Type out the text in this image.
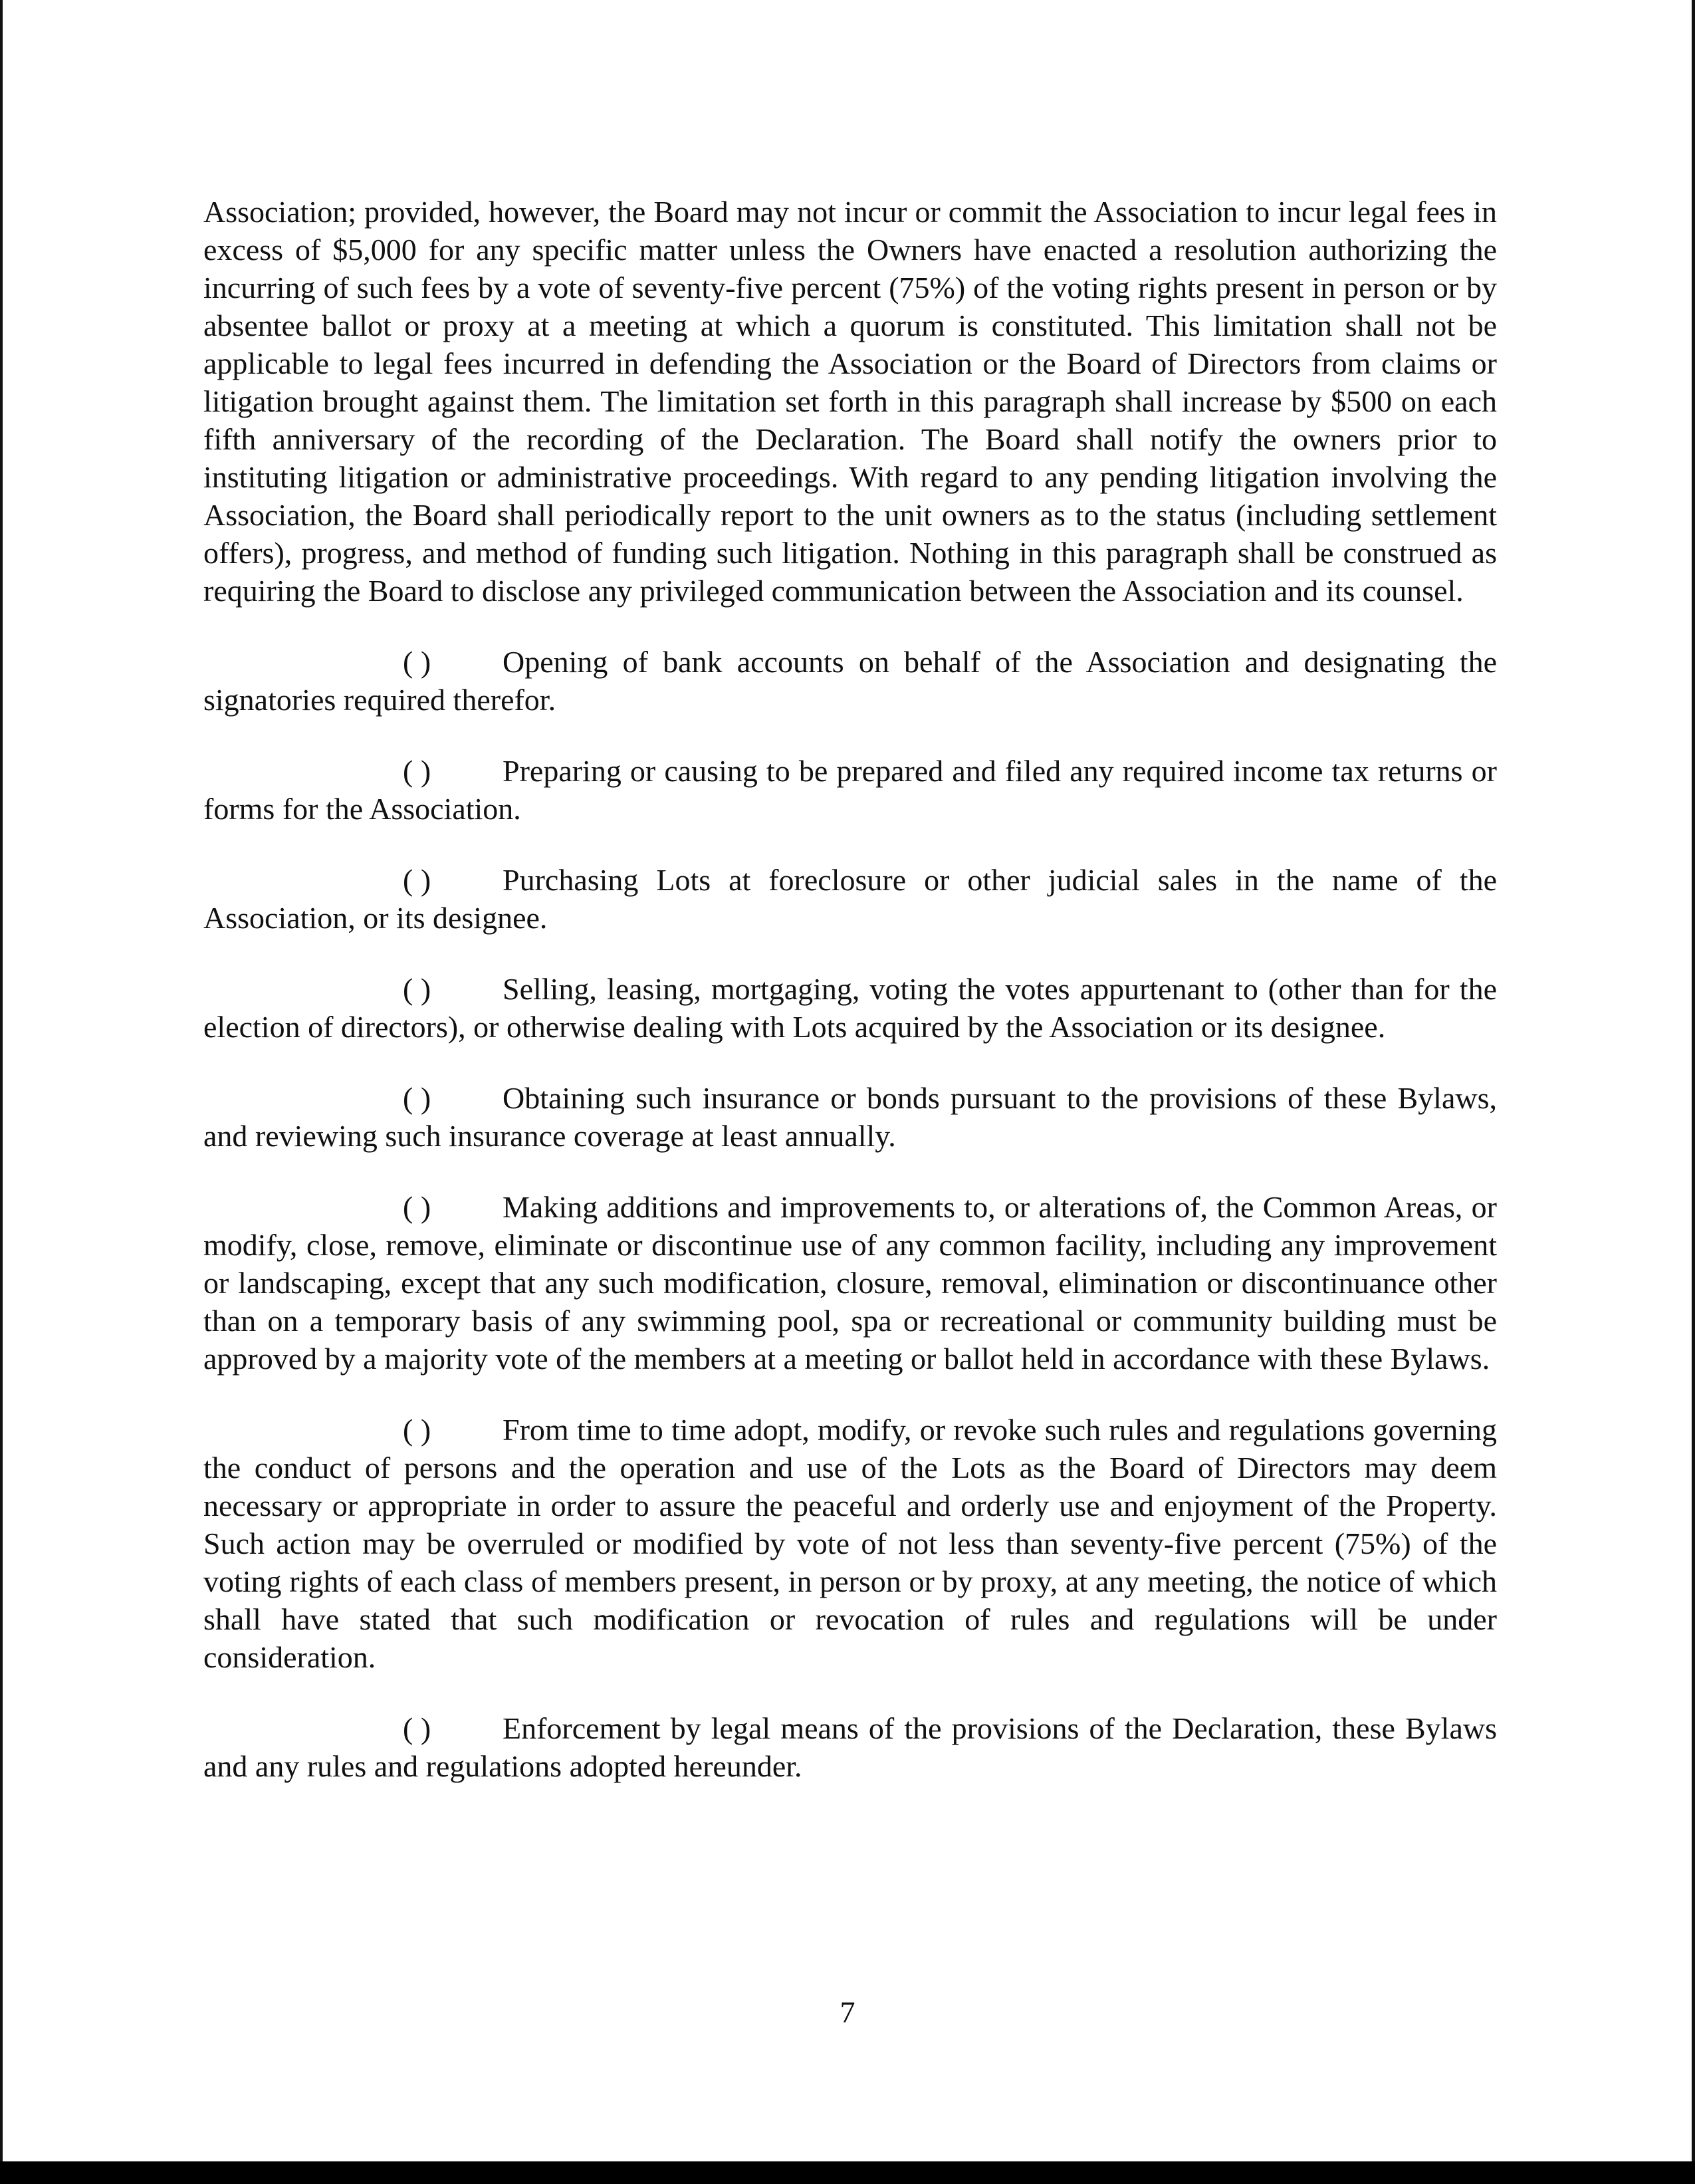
Association; provided, however, the Board may not incur or commit the Association to incur legal fees in excess of $5,000 for any specific matter unless the Owners have enacted a resolution authorizing the incurring of such fees by a vote of seventy-five percent (75%) of the voting rights present in person or by absentee ballot or proxy at a meeting at which a quorum is constituted. This limitation shall not be applicable to legal fees incurred in defending the Association or the Board of Directors from claims or litigation brought against them. The limitation set forth in this paragraph shall increase by $500 on each fifth anniversary of the recording of the Declaration. The Board shall notify the owners prior to instituting litigation or administrative proceedings. With regard to any pending litigation involving the Association, the Board shall periodically report to the unit owners as to the status (including settlement offers), progress, and method of funding such litigation. Nothing in this paragraph shall be construed as requiring the Board to disclose any privileged communication between the Association and its counsel.

( ) Opening of bank accounts on behalf of the Association and designating the signatories required therefor.

( ) Preparing or causing to be prepared and filed any required income tax returns or forms for the Association.

( ) Purchasing Lots at foreclosure or other judicial sales in the name of the Association, or its designee.

( ) Selling, leasing, mortgaging, voting the votes appurtenant to (other than for the election of directors), or otherwise dealing with Lots acquired by the Association or its designee.

( ) Obtaining such insurance or bonds pursuant to the provisions of these Bylaws, and reviewing such insurance coverage at least annually.

( ) Making additions and improvements to, or alterations of, the Common Areas, or modify, close, remove, eliminate or discontinue use of any common facility, including any improvement or landscaping, except that any such modification, closure, removal, elimination or discontinuance other than on a temporary basis of any swimming pool, spa or recreational or community building must be approved by a majority vote of the members at a meeting or ballot held in accordance with these Bylaws.

( ) From time to time adopt, modify, or revoke such rules and regulations governing the conduct of persons and the operation and use of the Lots as the Board of Directors may deem necessary or appropriate in order to assure the peaceful and orderly use and enjoyment of the Property. Such action may be overruled or modified by vote of not less than seventy-five percent (75%) of the voting rights of each class of members present, in person or by proxy, at any meeting, the notice of which shall have stated that such modification or revocation of rules and regulations will be under consideration.

( ) Enforcement by legal means of the provisions of the Declaration, these Bylaws and any rules and regulations adopted hereunder.

7
